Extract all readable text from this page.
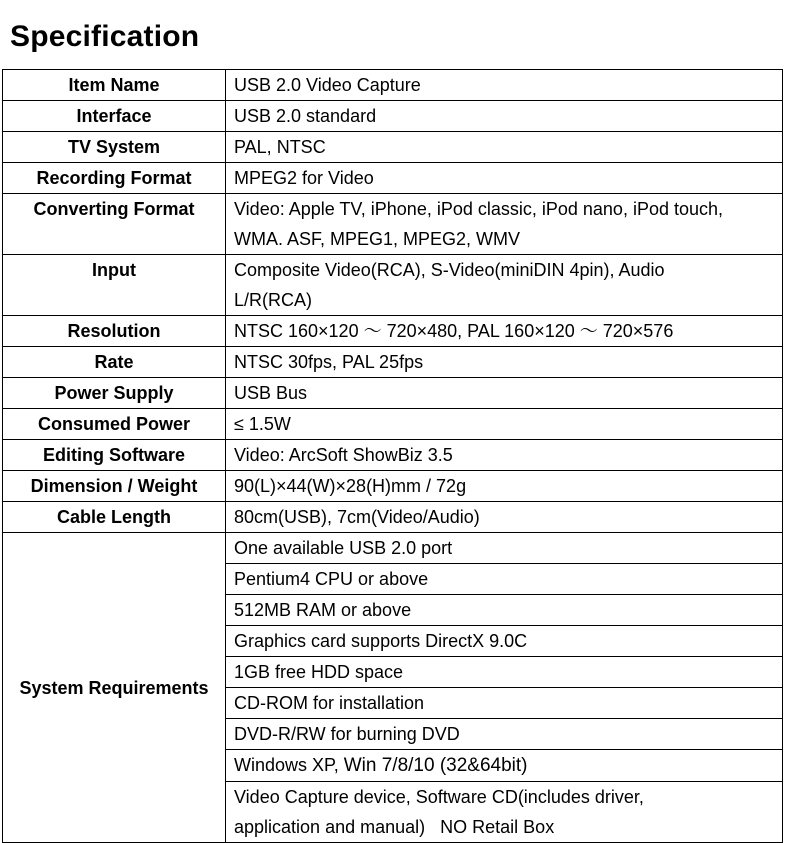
Specification
Item Name	USB 2.0 Video Capture
Interface	USB 2.0 standard
TV System	PAL, NTSC
Recording Format	MPEG2 for Video
Converting Format	Video: Apple TV, iPhone, iPod classic, iPod nano, iPod touch,
WMA. ASF, MPEG1, MPEG2, WMV

Input	Composite Video(RCA), S-Video(miniDIN 4pin), Audio
L/R(RCA)

Resolution	NTSC 160×120 ～ 720×480, PAL 160×120 ～ 720×576
Rate	NTSC 30fps, PAL 25fps
Power Supply	USB Bus
Consumed Power	≤ 1.5W
Editing Software	Video: ArcSoft ShowBiz 3.5
Dimension / Weight	90(L)×44(W)×28(H)mm / 72g
Cable Length	80cm(USB), 7cm(Video/Audio)
System Requirements	One available USB 2.0 port
	Pentium4 CPU or above
	512MB RAM or above
	Graphics card supports DirectX 9.0C
	1GB free HDD space
	CD-ROM for installation
	DVD-R/RW for burning DVD
	Windows XP, Win 7/8/10 (32&64bit)

	Video Capture device, Software CD(includes driver,
application and manual) NO Retail Box
